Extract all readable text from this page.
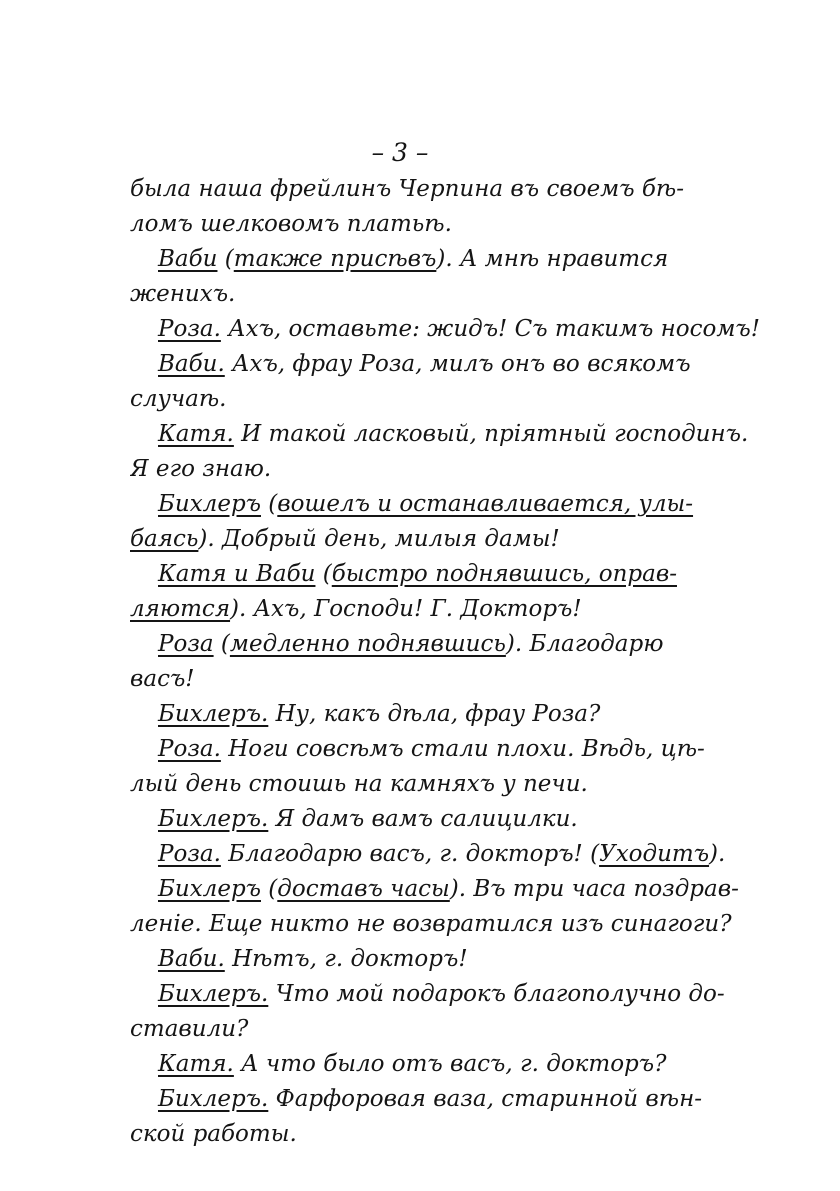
– 3 –
была наша фрейлинъ Черпина въ своемъ бѣ-
ломъ шелковомъ платьѣ.
Ваби (также присѣвъ). А мнѣ нравится
женихъ.
Роза. Ахъ, оставьте: жидъ! Съ такимъ носомъ!
Ваби. Ахъ, фрау Роза, милъ онъ во всякомъ
случаѣ.
Катя. И такой ласковый, пріятный господинъ.
Я его знаю.
Бихлеръ (вошелъ и останавливается, улы-
баясь). Добрый день, милыя дамы!
Катя и Ваби (быстро поднявшись, оправ-
ляются). Ахъ, Господи! Г. Докторъ!
Роза (медленно поднявшись). Благодарю
васъ!
Бихлеръ. Ну, какъ дѣла, фрау Роза?
Роза. Ноги совсѣмъ стали плохи. Вѣдь, цѣ-
лый день стоишь на камняхъ у печи.
Бихлеръ. Я дамъ вамъ салицилки.
Роза. Благодарю васъ, г. докторъ! (Уходитъ).
Бихлеръ (доставъ часы). Въ три часа поздрав-
леніе. Еще никто не возвратился изъ синагоги?
Ваби. Нѣтъ, г. докторъ!
Бихлеръ. Что мой подарокъ благополучно до-
ставили?
Катя. А что было отъ васъ, г. докторъ?
Бихлеръ. Фарфоровая ваза, старинной вѣн-
ской работы.
